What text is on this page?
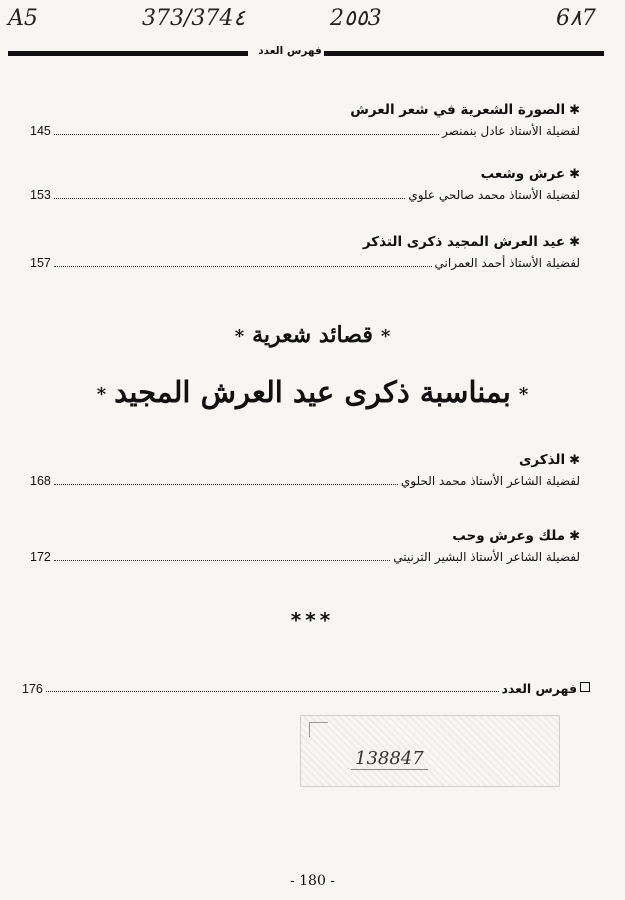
A5	373/374٤	2٥٥3	6٨7
فهرس العدد
✱الصورة الشعرية في شعر العرش
لفضيلة الأستاذ عادل بنمنصر
145
✱عرش وشعب
لفضيلة الأستاذ محمد صالحي علوي
153
✱عيد العرش المجيد ذكرى التذكر
لفضيلة الأستاذ أحمد العمراني
157
*قصائد شعرية*
*بمناسبة ذكرى عيد العرش المجيد*
✱الذكرى
لفضيلة الشاعر الأستاذ محمد الحلوي
168
✱ملك وعرش وحب
لفضيلة الشاعر الأستاذ البشير الترنيتي
172
***
فهرس العدد
176
138847
- 180 -
